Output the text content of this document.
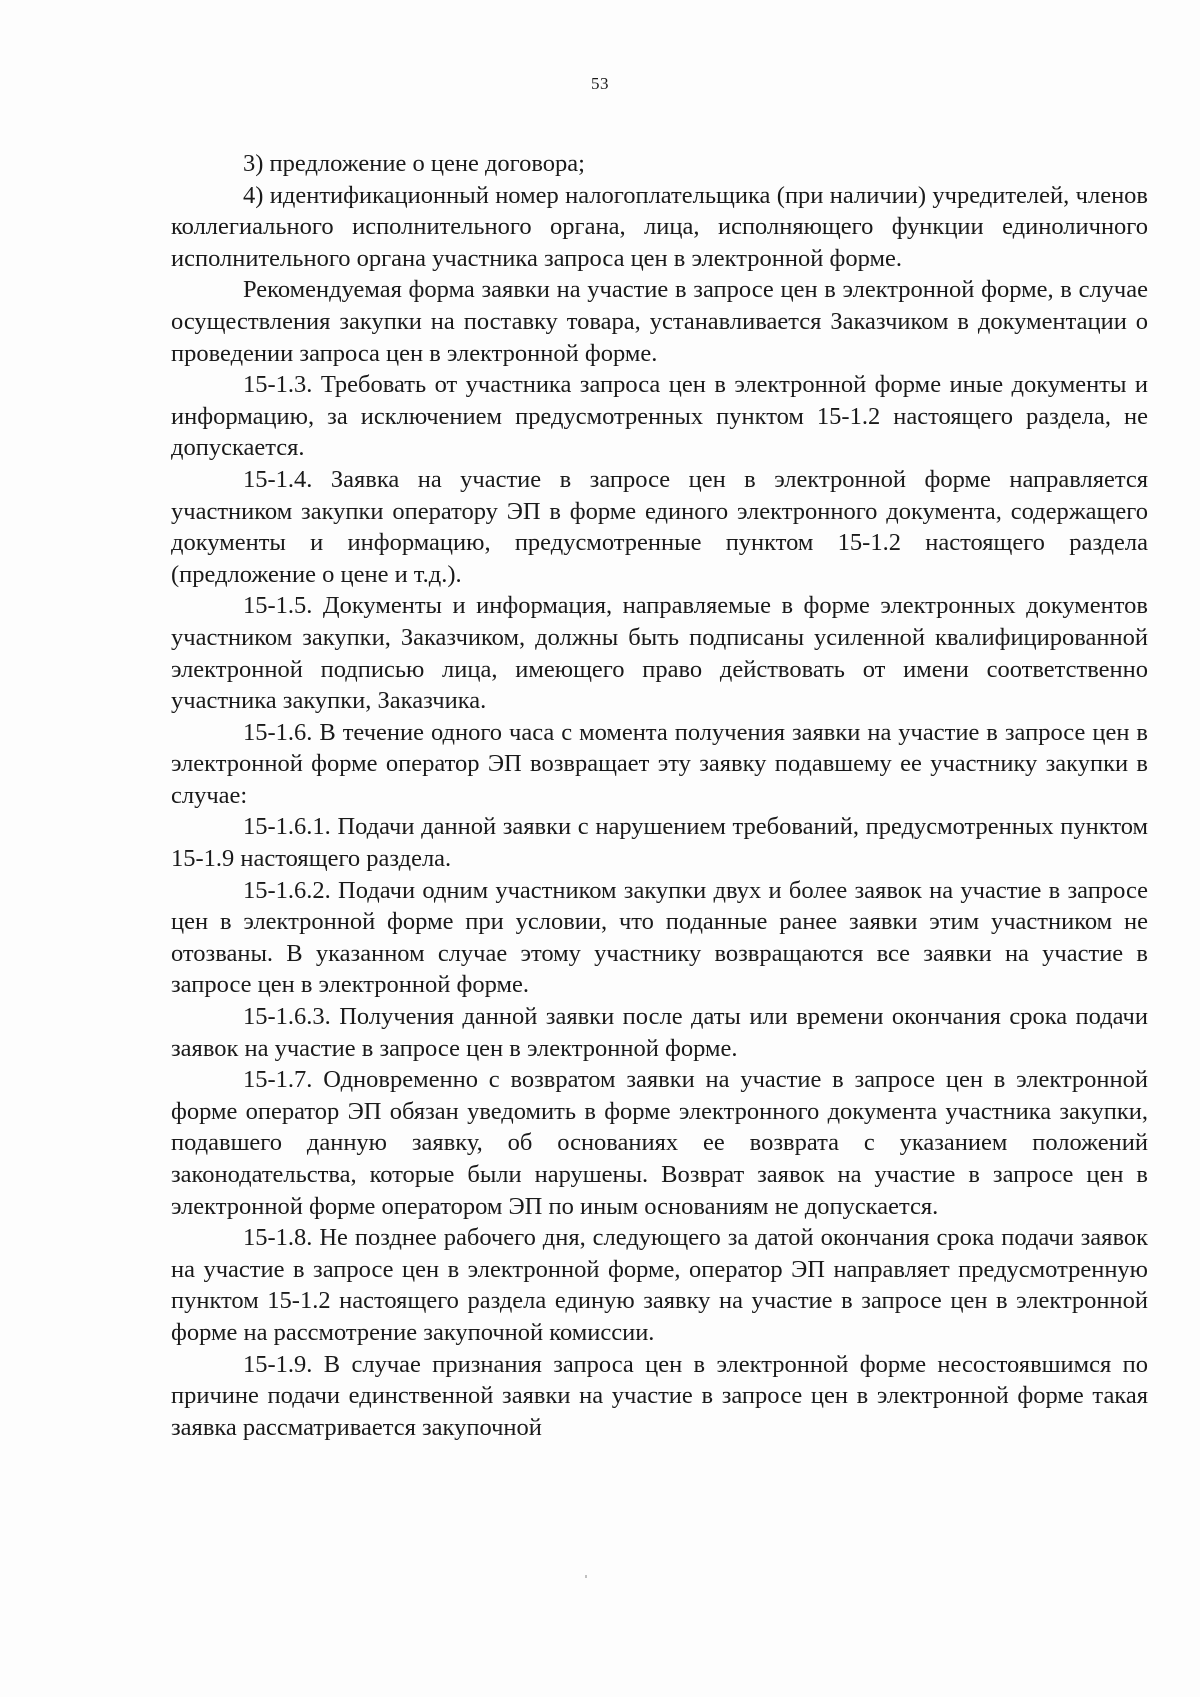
53

3) предложение о цене договора;

4) идентификационный номер налогоплательщика (при наличии) учредителей, членов коллегиального исполнительного органа, лица, исполняющего функции единоличного исполнительного органа участника запроса цен в электронной форме.

Рекомендуемая форма заявки на участие в запросе цен в электронной форме, в случае осуществления закупки на поставку товара, устанавливается Заказчиком в документации о проведении запроса цен в электронной форме.

15-1.3. Требовать от участника запроса цен в электронной форме иные документы и информацию, за исключением предусмотренных пунктом 15-1.2 настоящего раздела, не допускается.

15-1.4. Заявка на участие в запросе цен в электронной форме направляется участником закупки оператору ЭП в форме единого электронного документа, содержащего документы и информацию, предусмотренные пунктом 15-1.2 настоящего раздела (предложение о цене и т.д.).

15-1.5. Документы и информация, направляемые в форме электронных документов участником закупки, Заказчиком, должны быть подписаны усиленной квалифицированной электронной подписью лица, имеющего право действовать от имени соответственно участника закупки, Заказчика.

15-1.6. В течение одного часа с момента получения заявки на участие в запросе цен в электронной форме оператор ЭП возвращает эту заявку подавшему ее участнику закупки в случае:

15-1.6.1. Подачи данной заявки с нарушением требований, предусмотренных пунктом 15-1.9 настоящего раздела.

15-1.6.2. Подачи одним участником закупки двух и более заявок на участие в запросе цен в электронной форме при условии, что поданные ранее заявки этим участником не отозваны. В указанном случае этому участнику возвращаются все заявки на участие в запросе цен в электронной форме.

15-1.6.3. Получения данной заявки после даты или времени окончания срока подачи заявок на участие в запросе цен в электронной форме.

15-1.7. Одновременно с возвратом заявки на участие в запросе цен в электронной форме оператор ЭП обязан уведомить в форме электронного документа участника закупки, подавшего данную заявку, об основаниях ее возврата с указанием положений законодательства, которые были нарушены. Возврат заявок на участие в запросе цен в электронной форме оператором ЭП по иным основаниям не допускается.

15-1.8. Не позднее рабочего дня, следующего за датой окончания срока подачи заявок на участие в запросе цен в электронной форме, оператор ЭП направляет предусмотренную пунктом 15-1.2 настоящего раздела единую заявку на участие в запросе цен в электронной форме на рассмотрение закупочной комиссии.

15-1.9. В случае признания запроса цен в электронной форме несостоявшимся по причине подачи единственной заявки на участие в запросе цен в электронной форме такая заявка рассматривается закупочной
